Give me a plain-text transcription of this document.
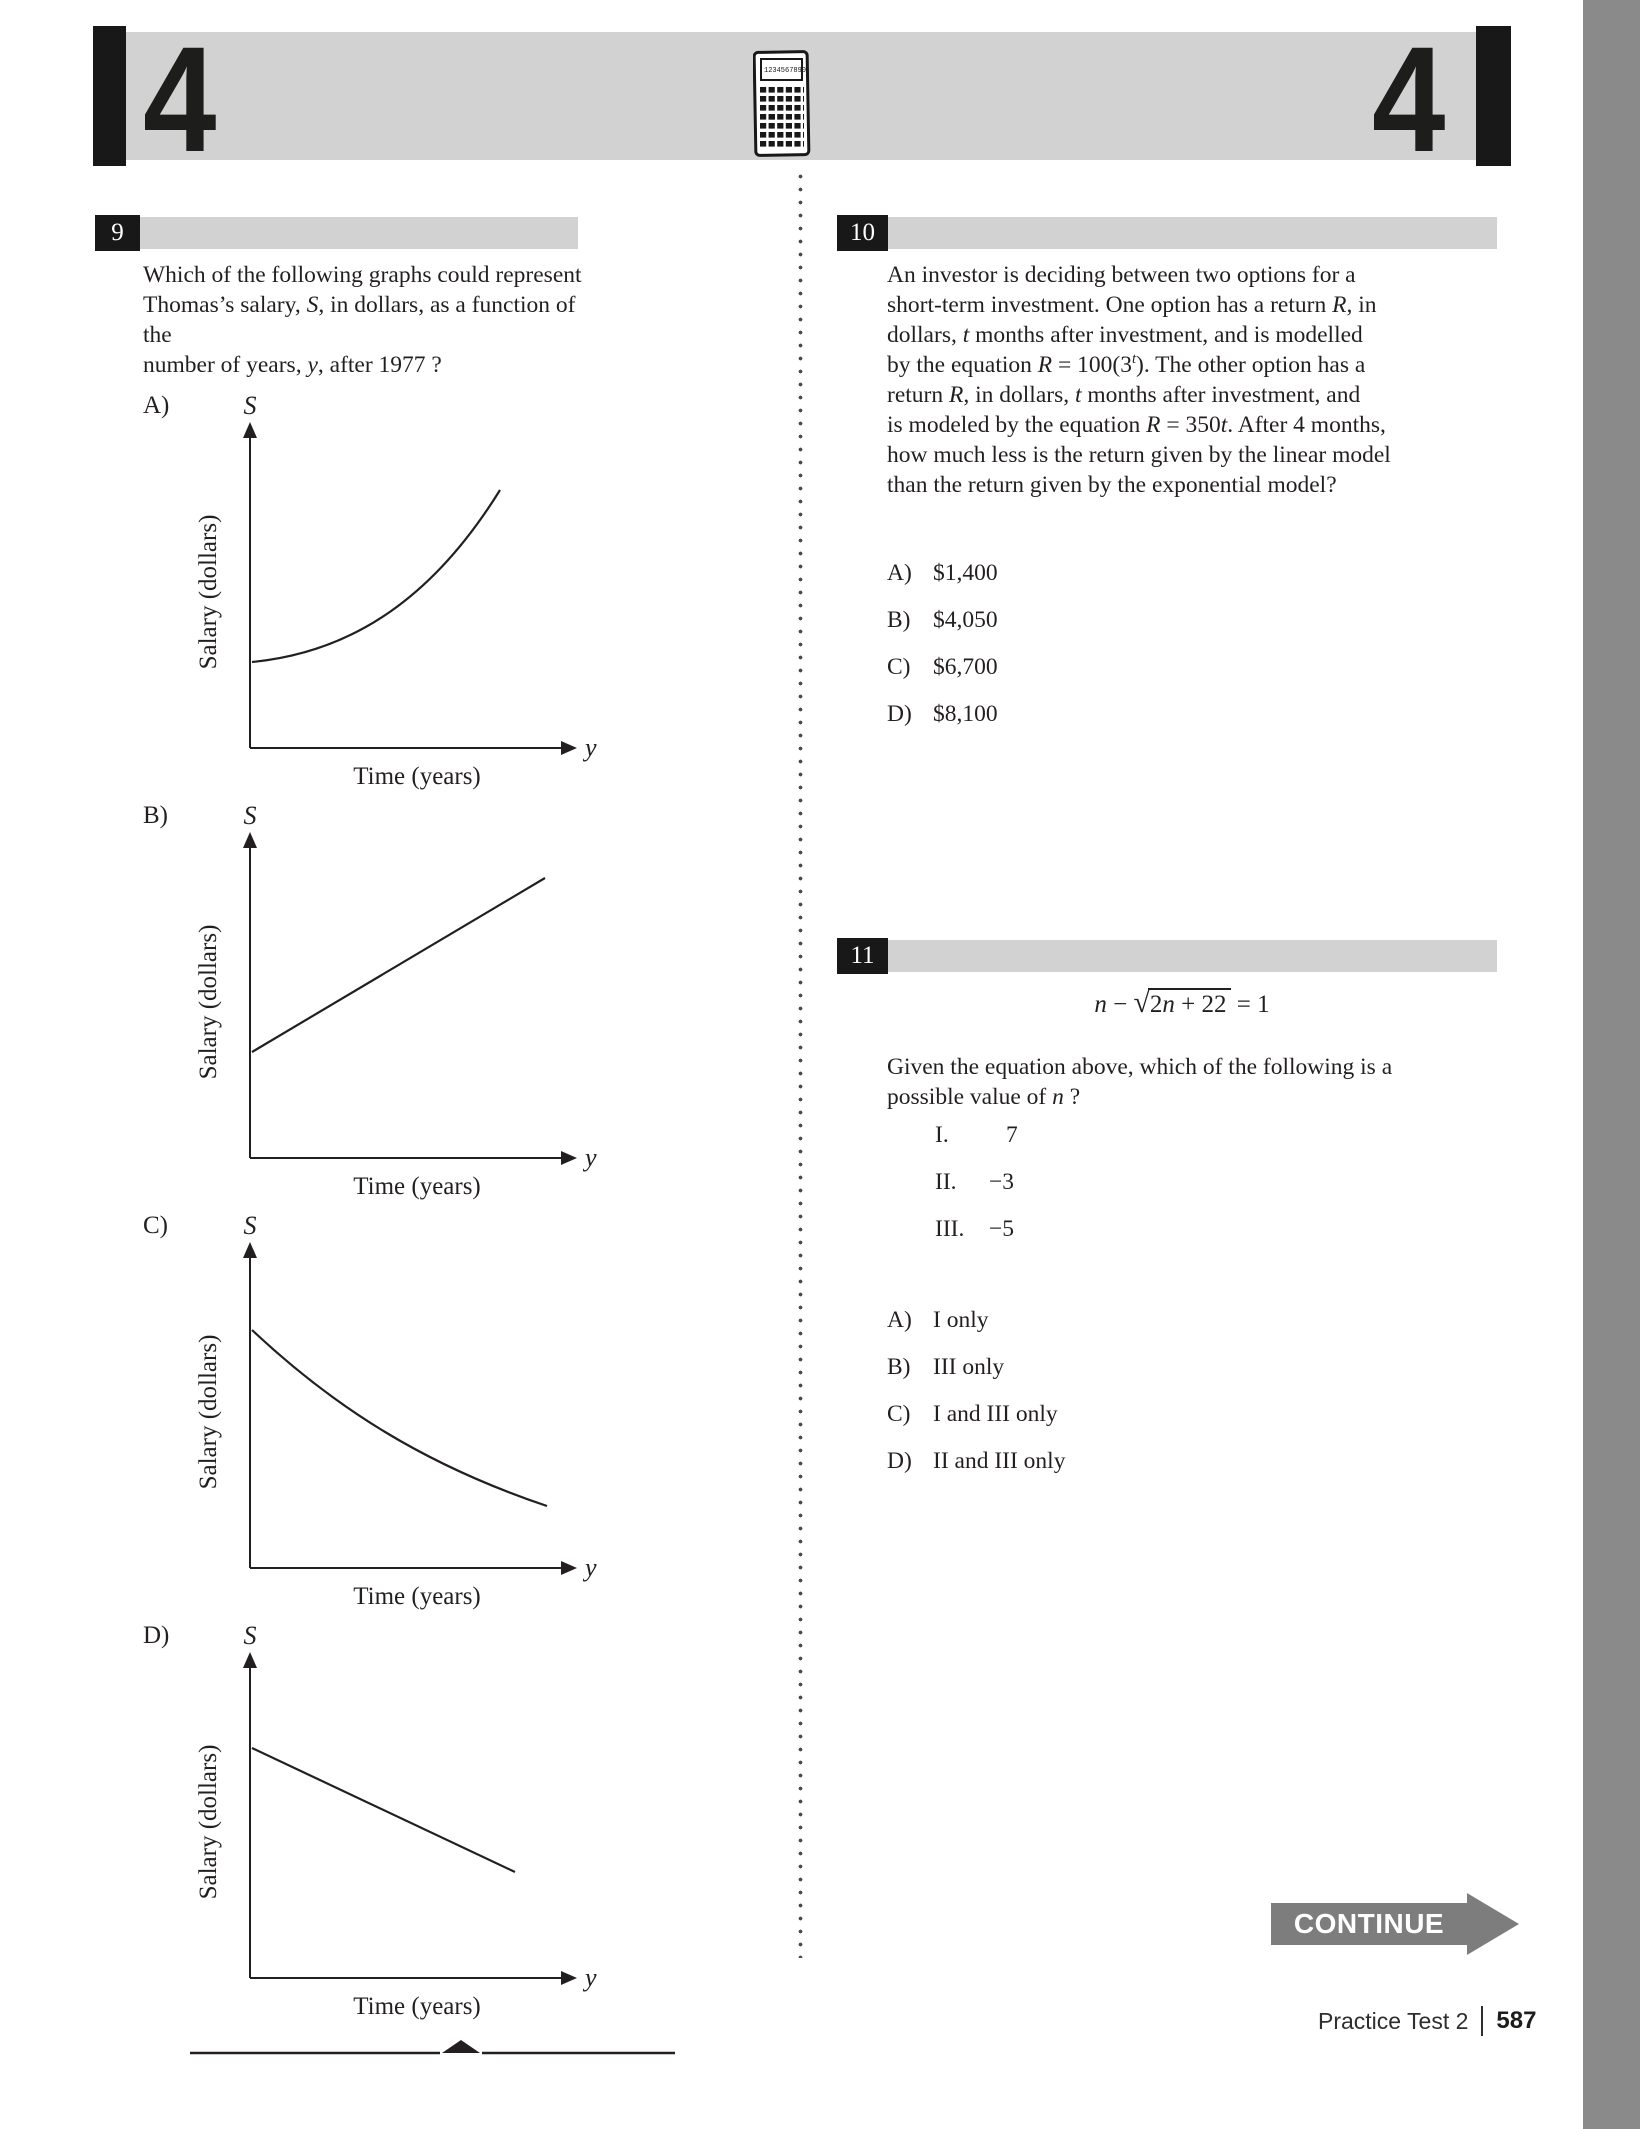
4	4
1234567890
9
Which of the following graphs could represent
Thomas’s salary, S, in dollars, as a function of the
number of years, y, after 1977 ?
A)	S
y
Salary (dollars)
Time (years)
B)	S
y
Salary (dollars)
Time (years)
C)	S
y
Salary (dollars)
Time (years)
D)	S
y
Salary (dollars)
Time (years)
10
An investor is deciding between two options for a
short-term investment. One option has a return R, in
dollars, t months after investment, and is modelled
by the equation $R = 100(3^t)$. The other option has a
return R, in dollars, t months after investment, and
is modeled by the equation R = 350t. After 4 months,
how much less is the return given by the linear model
than the return given by the exponential model?
A) $1,400
B) $4,050
C) $6,700
D) $8,100
11
n − √ 2n + 22 = 1
Given the equation above, which of the following is a
possible value of n ?
I.	7
II.	−3
III.	−5
A) I only
B) III only
C) I and III only
D) II and III only
CONTINUE
Practice Test 2 587
